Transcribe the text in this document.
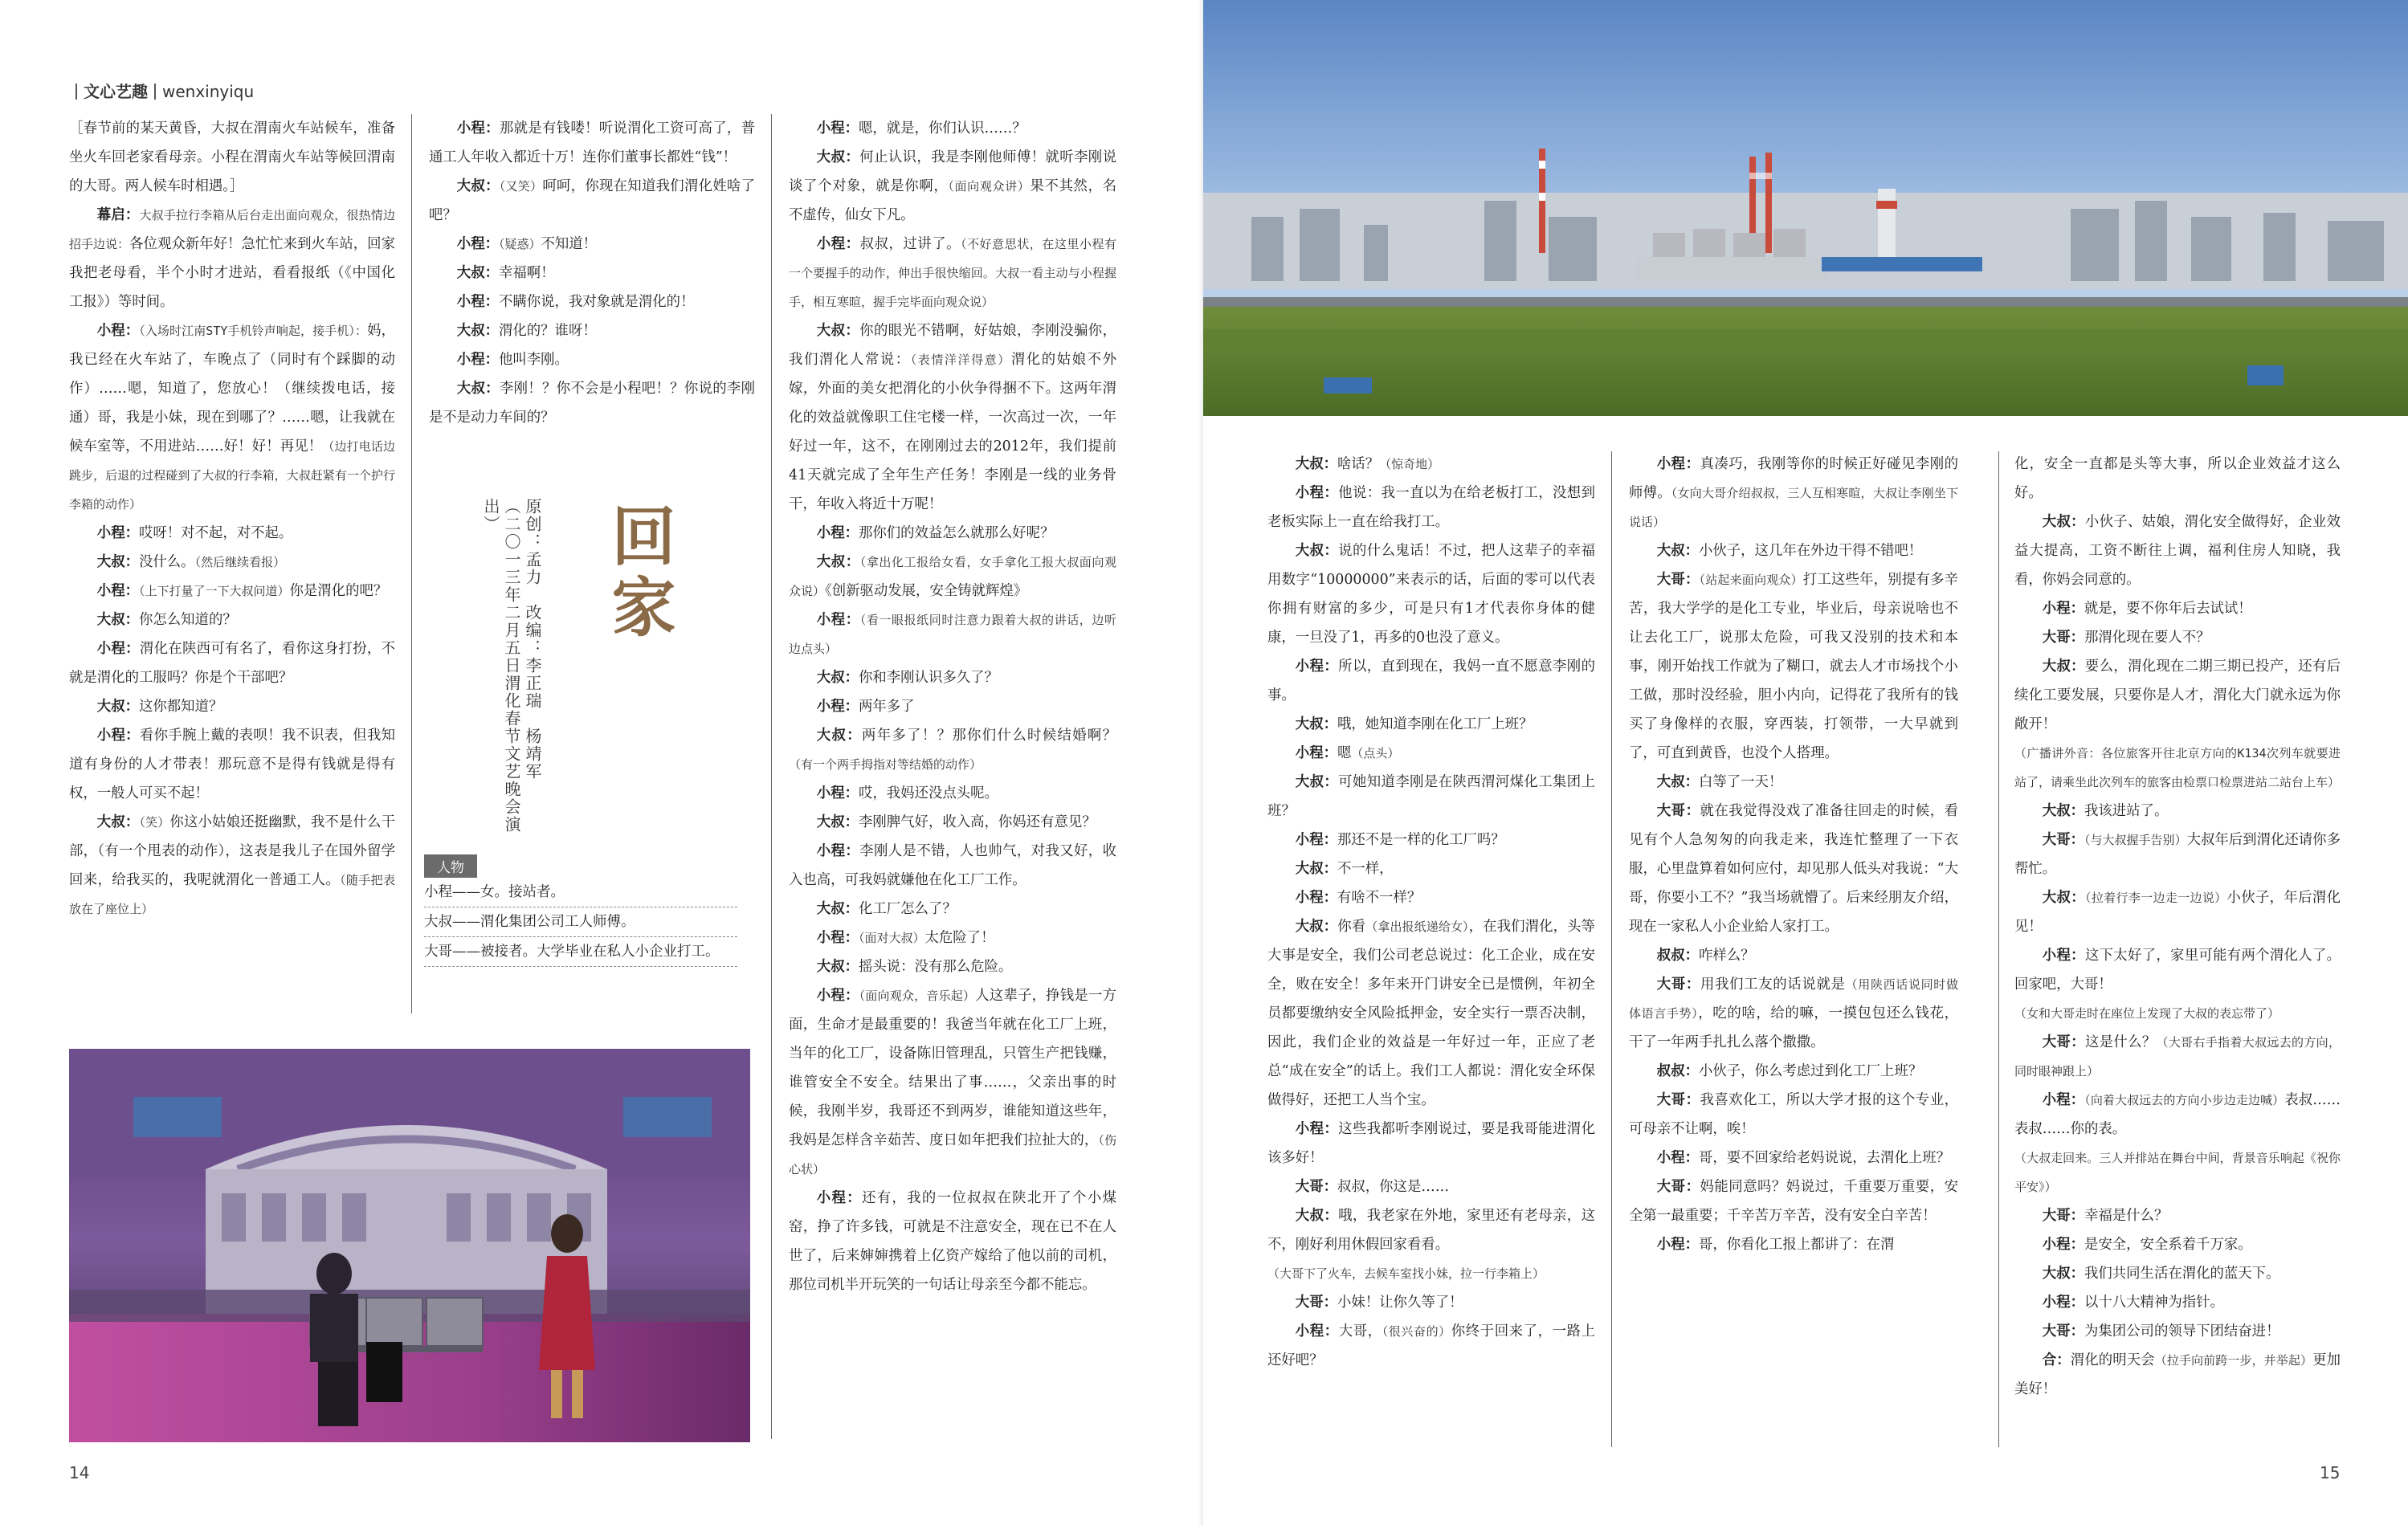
文心艺趣 wenxinyiqu

［春节前的某天黄昏，大叔在渭南火车站候车，准备坐火车回老家看母亲。小程在渭南火车站等候回渭南的大哥。两人候车时相遇。］

幕启：大叔手拉行李箱从后台走出面向观众，很热情边招手边说：各位观众新年好！急忙忙来到火车站，回家我把老母看，半个小时才进站，看看报纸（《中国化工报》）等时间。

小程：（入场时江南STY手机铃声响起，接手机）：妈，我已经在火车站了，车晚点了（同时有个踩脚的动作）……嗯，知道了，您放心！（继续拨电话，接通）哥，我是小妹，现在到哪了？……嗯，让我就在候车室等，不用进站……好！好！再见！（边打电话边跳步，后退的过程碰到了大叔的行李箱，大叔赶紧有一个护行李箱的动作）

小程：哎呀！对不起，对不起。

大叔：没什么。（然后继续看报）

小程：（上下打量了一下大叔问道）你是渭化的吧？

大叔：你怎么知道的？

小程：渭化在陕西可有名了，看你这身打扮，不就是渭化的工服吗？你是个干部吧？

大叔：这你都知道？

小程：看你手腕上戴的表呗！我不识表，但我知道有身份的人才带表！那玩意不是得有钱就是得有权，一般人可买不起！

大叔：（笑）你这小姑娘还挺幽默，我不是什么干部，（有一个甩表的动作），这表是我儿子在国外留学回来，给我买的，我呢就渭化一普通工人。（随手把表放在了座位上）

小程：那就是有钱喽！听说渭化工资可高了，普通工人年收入都近十万！连你们董事长都姓“钱”！

大叔：（又笑）呵呵，你现在知道我们渭化姓啥了吧？

小程：（疑惑）不知道！

大叔：幸福啊！

小程：不瞒你说，我对象就是渭化的！

大叔：渭化的？谁呀！

小程：他叫李刚。

大叔：李刚！？你不会是小程吧！？你说的李刚是不是动力车间的？

原创：孟力　改编：李正瑞　杨靖军
（二〇一三年二月五日渭化春节文艺晚会演出）	回家
人物
小程——女。接站者。
大叔——渭化集团公司工人师傅。
大哥——被接者。大学毕业在私人小企业打工。

小程：嗯，就是，你们认识……？

大叔：何止认识，我是李刚他师傅！就听李刚说谈了个对象，就是你啊，（面向观众讲）果不其然，名不虚传，仙女下凡。

小程：叔叔，过讲了。（不好意思状，在这里小程有一个要握手的动作，伸出手很快缩回。大叔一看主动与小程握手，相互寒暄，握手完毕面向观众说）

大叔：你的眼光不错啊，好姑娘，李刚没骗你，我们渭化人常说：（表情洋洋得意）渭化的姑娘不外嫁，外面的美女把渭化的小伙争得捆不下。这两年渭化的效益就像职工住宅楼一样，一次高过一次，一年好过一年，这不，在刚刚过去的2012年，我们提前41天就完成了全年生产任务！李刚是一线的业务骨干，年收入将近十万呢！

小程：那你们的效益怎么就那么好呢？

大叔：（拿出化工报给女看，女手拿化工报大叔面向观众说）《创新驱动发展，安全铸就辉煌》

小程：（看一眼报纸同时注意力跟着大叔的讲话，边听边点头）

大叔：你和李刚认识多久了？

小程：两年多了

大叔：两年多了！？那你们什么时候结婚啊？（有一个两手拇指对等结婚的动作）

小程：哎，我妈还没点头呢。

大叔：李刚脾气好，收入高，你妈还有意见？

小程：李刚人是不错，人也帅气，对我又好，收入也高，可我妈就嫌他在化工厂工作。

大叔：化工厂怎么了？

小程：（面对大叔）太危险了！

大叔：摇头说：没有那么危险。

小程：（面向观众，音乐起）人这辈子，挣钱是一方面，生命才是最重要的！我爸当年就在化工厂上班，当年的化工厂，设备陈旧管理乱，只管生产把钱赚，谁管安全不安全。结果出了事……，父亲出事的时候，我刚半岁，我哥还不到两岁，谁能知道这些年，我妈是怎样含辛茹苦、度日如年把我们拉扯大的，（伤心状）

小程：还有，我的一位叔叔在陕北开了个小煤窑，挣了许多钱，可就是不注意安全，现在已不在人世了，后来婶婶携着上亿资产嫁给了他以前的司机，那位司机半开玩笑的一句话让母亲至今都不能忘。

14

大叔：啥话？（惊奇地）

小程：他说：我一直以为在给老板打工，没想到老板实际上一直在给我打工。

大叔：说的什么鬼话！不过，把人这辈子的幸福用数字“10000000”来表示的话，后面的零可以代表你拥有财富的多少，可是只有1才代表你身体的健康，一旦没了1，再多的0也没了意义。

小程：所以，直到现在，我妈一直不愿意李刚的事。

大叔：哦，她知道李刚在化工厂上班？

小程：嗯（点头）

大叔：可她知道李刚是在陕西渭河煤化工集团上班？

小程：那还不是一样的化工厂吗？

大叔：不一样，

小程：有啥不一样？

大叔：你看（拿出报纸递给女），在我们渭化，头等大事是安全，我们公司老总说过：化工企业，成在安全，败在安全！多年来开门讲安全已是惯例，年初全员都要缴纳安全风险抵押金，安全实行一票否决制，因此，我们企业的效益是一年好过一年，正应了老总“成在安全”的话上。我们工人都说：渭化安全环保做得好，还把工人当个宝。

小程：这些我都听李刚说过，要是我哥能进渭化该多好！

大哥：叔叔，你这是……

大叔：哦，我老家在外地，家里还有老母亲，这不，刚好利用休假回家看看。

（大哥下了火车，去候车室找小妹，拉一行李箱上）

大哥：小妹！让你久等了！

小程：大哥，（很兴奋的）你终于回来了，一路上还好吧？

小程：真凑巧，我刚等你的时候正好碰见李刚的师傅。（女向大哥介绍叔叔，三人互相寒暄，大叔让李刚坐下说话）

大叔：小伙子，这几年在外边干得不错吧！

大哥：（站起来面向观众）打工这些年，别提有多辛苦，我大学学的是化工专业，毕业后，母亲说啥也不让去化工厂，说那太危险，可我又没别的技术和本事，刚开始找工作就为了糊口，就去人才市场找个小工做，那时没经验，胆小内向，记得花了我所有的钱买了身像样的衣服，穿西装，打领带，一大早就到了，可直到黄昏，也没个人搭理。

大叔：白等了一天！

大哥：就在我觉得没戏了准备往回走的时候，看见有个人急匆匆的向我走来，我连忙整理了一下衣服，心里盘算着如何应付，却见那人低头对我说：“大哥，你要小工不？”我当场就懵了。后来经朋友介绍，现在一家私人小企业給人家打工。

叔叔：咋样么？

大哥：用我们工友的话说就是（用陕西话说同时做体语言手势），吃的啥，给的嘛，一摸包包还么钱花，干了一年两手扎扎么落个撒撒。

叔叔：小伙子，你么考虑过到化工厂上班？

大哥：我喜欢化工，所以大学才报的这个专业，可母亲不让啊，唉！

小程：哥，要不回家给老妈说说，去渭化上班？

大哥：妈能同意吗？妈说过，千重要万重要，安全第一最重要；千辛苦万辛苦，没有安全白辛苦！

小程：哥，你看化工报上都讲了：在渭

化，安全一直都是头等大事，所以企业效益才这么好。

大叔：小伙子、姑娘，渭化安全做得好，企业效益大提高，工资不断往上调，福利住房人知晓，我看，你妈会同意的。

小程：就是，要不你年后去试试！

大哥：那渭化现在要人不？

大叔：要么，渭化现在二期三期已投产，还有后续化工要发展，只要你是人才，渭化大门就永远为你敞开！

（广播讲外音：各位旅客开往北京方向的K134次列车就要进站了，请乘坐此次列车的旅客由检票口检票进站二站台上车）

大叔：我该进站了。

大哥：（与大叔握手告别）大叔年后到渭化还请你多帮忙。

大叔：（拉着行李一边走一边说）小伙子，年后渭化见！

小程：这下太好了，家里可能有两个渭化人了。回家吧，大哥！

（女和大哥走时在座位上发现了大叔的表忘带了）

大哥：这是什么？（大哥右手指着大叔远去的方向，同时眼神跟上）

小程：（向着大叔远去的方向小步边走边喊）表叔……表叔……你的表。

（大叔走回来。三人并排站在舞台中间，背景音乐响起《祝你平安》）

大哥：幸福是什么？

小程：是安全，安全系着千万家。

大叔：我们共同生活在渭化的蓝天下。

小程：以十八大精神为指针。

大哥：为集团公司的领导下团结奋进！

合：渭化的明天会（拉手向前跨一步，并举起）更加美好！

15
